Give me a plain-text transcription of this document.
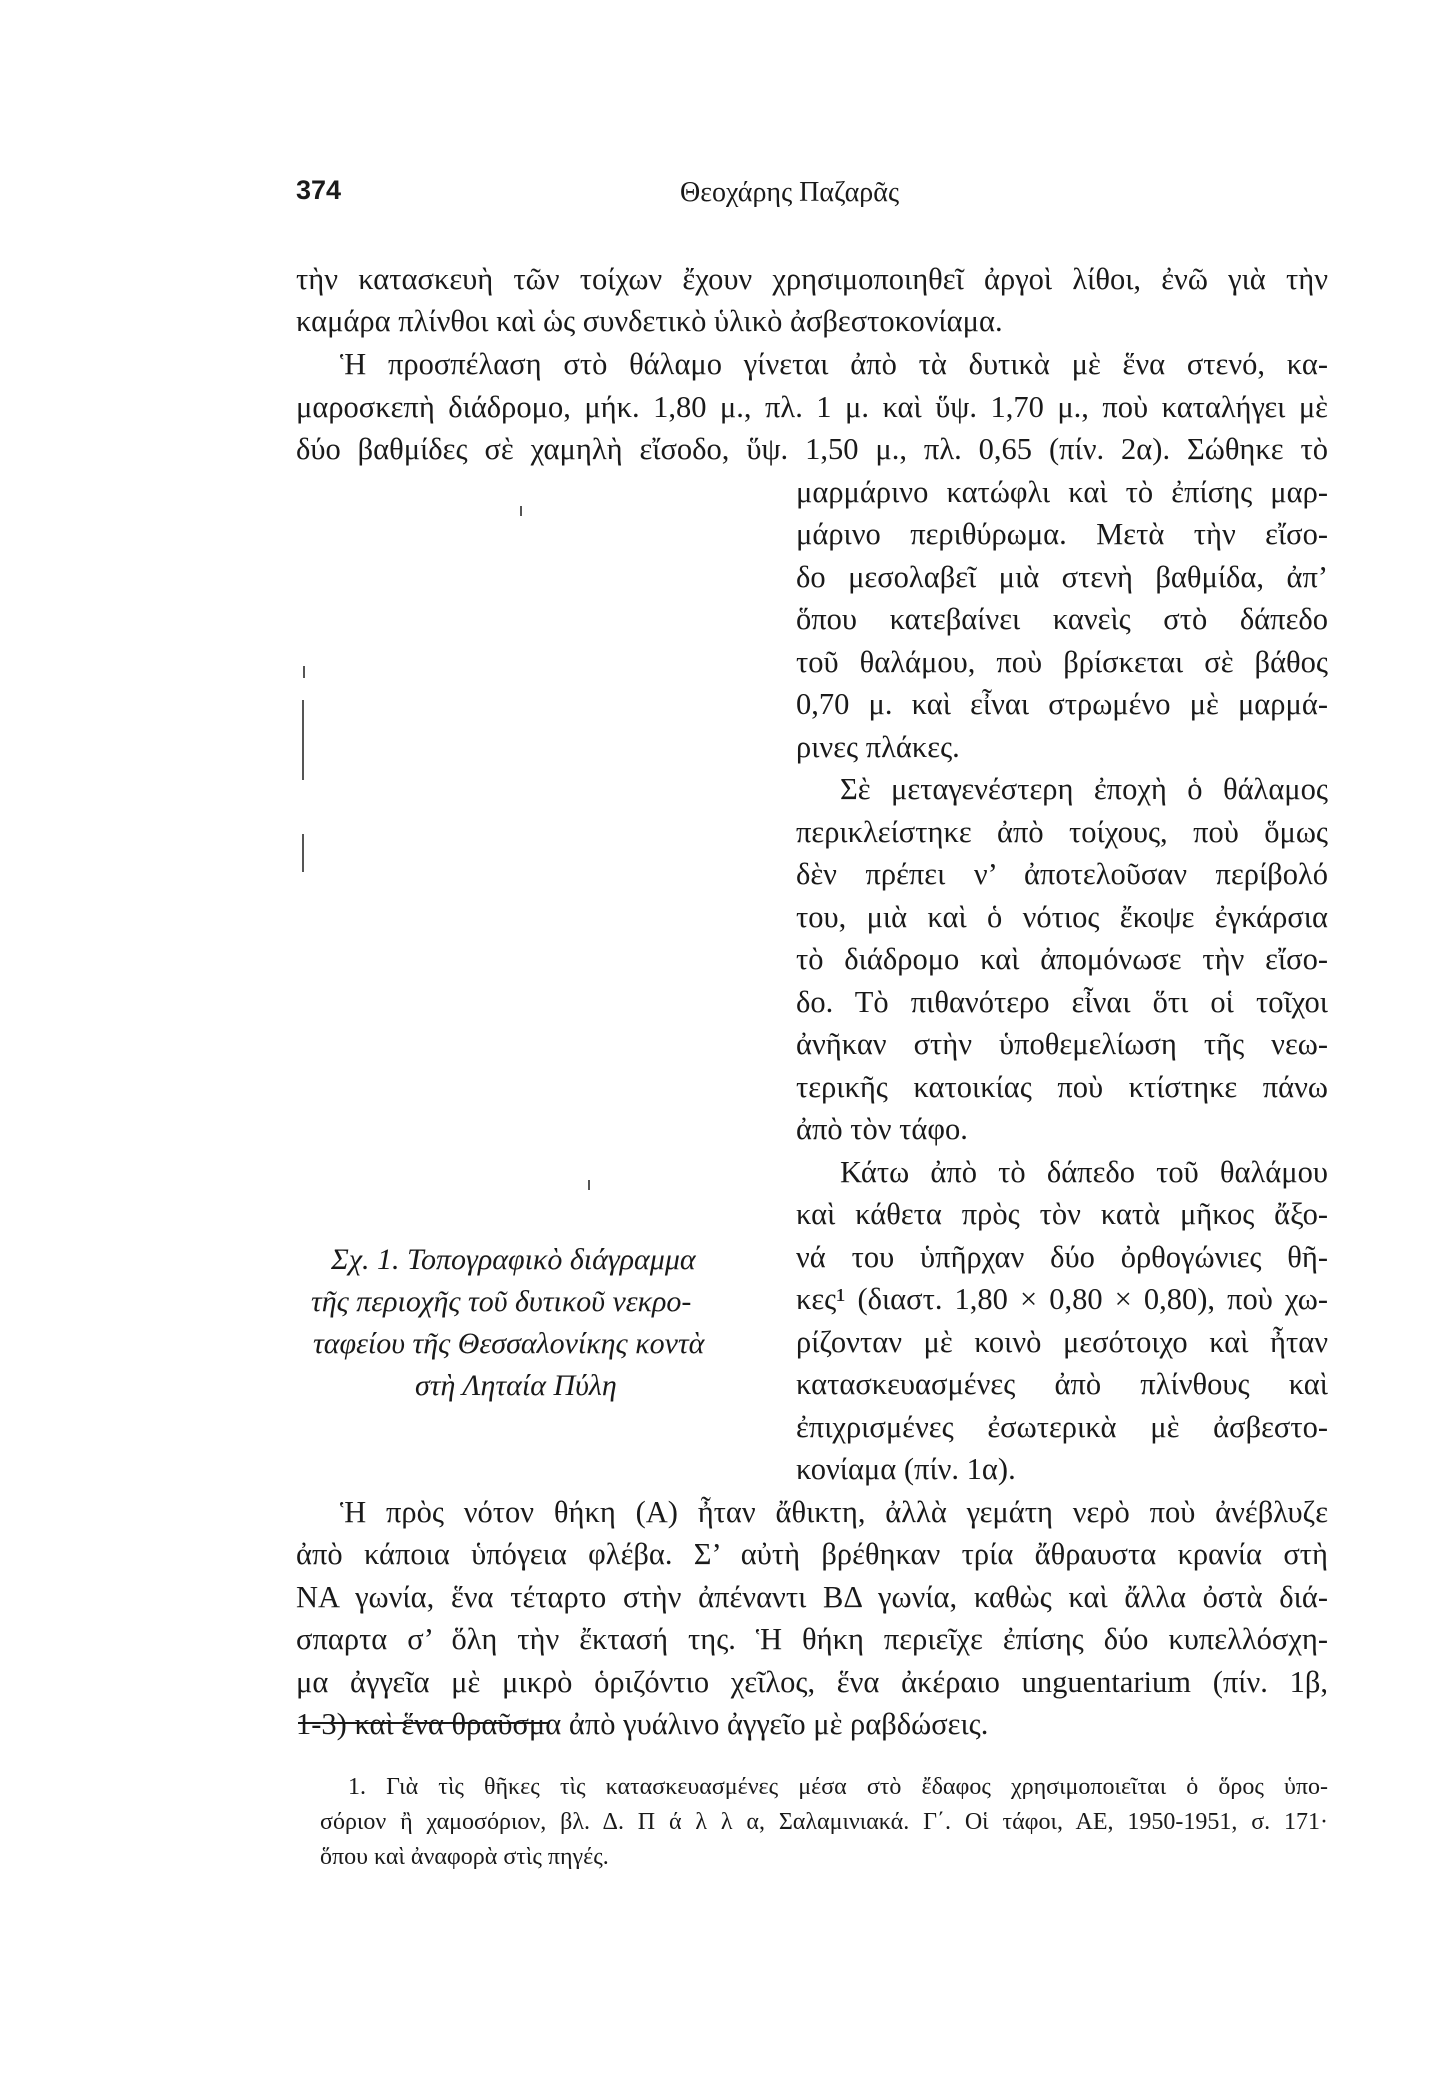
374	Θεοχάρης Παζαρᾶς
τὴν κατασκευὴ τῶν τοίχων ἔχουν χρησιμοποιηθεῖ ἀργοὶ λίθοι, ἐνῶ γιὰ τὴν
καμάρα πλίνθοι καὶ ὡς συνδετικὸ ὑλικὸ ἀσβεστοκονίαμα.
Ἡ προσπέλαση στὸ θάλαμο γίνεται ἀπὸ τὰ δυτικὰ μὲ ἕνα στενό, κα-
μαροσκεπὴ διάδρομο, μήκ. 1,80 μ., πλ. 1 μ. καὶ ὕψ. 1,70 μ., ποὺ καταλήγει μὲ
δύο βαθμίδες σὲ χαμηλὴ εἴσοδο, ὕψ. 1,50 μ., πλ. 0,65 (πίν. 2α). Σώθηκε τὸ
μαρμάρινο κατώφλι καὶ τὸ ἐπίσης μαρ-
μάρινο περιθύρωμα. Μετὰ τὴν εἴσο-
δο μεσολαβεῖ μιὰ στενὴ βαθμίδα, ἀπ’
ὅπου κατεβαίνει κανεὶς στὸ δάπεδο
τοῦ θαλάμου, ποὺ βρίσκεται σὲ βάθος
0,70 μ. καὶ εἶναι στρωμένο μὲ μαρμά-
ρινες πλάκες.
Σὲ μεταγενέστερη ἐποχὴ ὁ θάλαμος
περικλείστηκε ἀπὸ τοίχους, ποὺ ὅμως
δὲν πρέπει ν’ ἀποτελοῦσαν περίβολό
του, μιὰ καὶ ὁ νότιος ἔκοψε ἐγκάρσια
τὸ διάδρομο καὶ ἀπομόνωσε τὴν εἴσο-
δο. Τὸ πιθανότερο εἶναι ὅτι οἱ τοῖχοι
ἀνῆκαν στὴν ὑποθεμελίωση τῆς νεω-
τερικῆς κατοικίας ποὺ κτίστηκε πάνω
ἀπὸ τὸν τάφο.
Κάτω ἀπὸ τὸ δάπεδο τοῦ θαλάμου
καὶ κάθετα πρὸς τὸν κατὰ μῆκος ἄξο-
νά του ὑπῆρχαν δύο ὀρθογώνιες θῆ-
κες¹ (διαστ. 1,80 × 0,80 × 0,80), ποὺ χω-
ρίζονταν μὲ κοινὸ μεσότοιχο καὶ ἦταν
κατασκευασμένες ἀπὸ πλίνθους καὶ
ἐπιχρισμένες ἐσωτερικὰ μὲ ἀσβεστο-
κονίαμα (πίν. 1α).
Σχ. 1. Τοπογραφικὸ διάγραμμα
τῆς περιοχῆς τοῦ δυτικοῦ νεκρο-
ταφείου τῆς Θεσσαλονίκης κοντὰ
στὴ Ληταία Πύλη
Ἡ πρὸς νότον θήκη (Α) ἦταν ἄθικτη, ἀλλὰ γεμάτη νερὸ ποὺ ἀνέβλυζε
ἀπὸ κάποια ὑπόγεια φλέβα. Σ’ αὐτὴ βρέθηκαν τρία ἄθραυστα κρανία στὴ
ΝΑ γωνία, ἕνα τέταρτο στὴν ἀπέναντι ΒΔ γωνία, καθὼς καὶ ἄλλα ὀστὰ διά-
σπαρτα σ’ ὅλη τὴν ἔκτασή της. Ἡ θήκη περιεῖχε ἐπίσης δύο κυπελλόσχη-
μα ἀγγεῖα μὲ μικρὸ ὁριζόντιο χεῖλος, ἕνα ἀκέραιο unguentarium (πίν. 1β,
1-3) καὶ ἕνα θραῦσμα ἀπὸ γυάλινο ἀγγεῖο μὲ ραβδώσεις.
1. Γιὰ τὶς θῆκες τὶς κατασκευασμένες μέσα στὸ ἔδαφος χρησιμοποιεῖται ὁ ὅρος ὑπο-
σόριον ἢ χαμοσόριον, βλ. Δ. Π ά λ λ α, Σαλαμινιακά. Γ΄. Οἱ τάφοι, ΑΕ, 1950-1951, σ. 171·
ὅπου καὶ ἀναφορὰ στὶς πηγές.
